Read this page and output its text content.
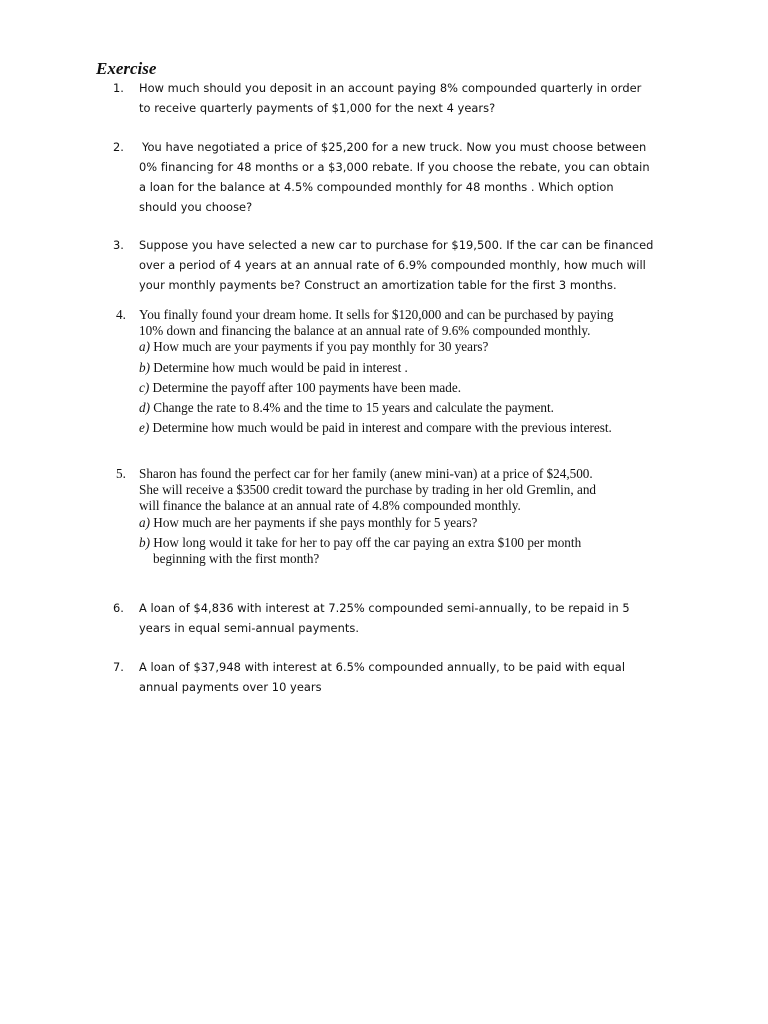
Exercise
1.	How much should you deposit in an account paying 8% compounded quarterly in order
to receive quarterly payments of $1,000 for the next 4 years?
2.	You have negotiated a price of $25,200 for a new truck. Now you must choose between
0% financing for 48 months or a $3,000 rebate. If you choose the rebate, you can obtain
a loan for the balance at 4.5% compounded monthly for 48 months . Which option
should you choose?
3.	Suppose you have selected a new car to purchase for $19,500. If the car can be financed
over a period of 4 years at an annual rate of 6.9% compounded monthly, how much will
your monthly payments be? Construct an amortization table for the first 3 months.
4. You finally found your dream home. It sells for $120,000 and can be purchased by paying
10% down and financing the balance at an annual rate of 9.6% compounded monthly.
a) How much are your payments if you pay monthly for 30 years?
b) Determine how much would be paid in interest .
c) Determine the payoff after 100 payments have been made.
d) Change the rate to 8.4% and the time to 15 years and calculate the payment.
e) Determine how much would be paid in interest and compare with the previous interest.
5. Sharon has found the perfect car for her family (anew mini-van) at a price of $24,500.
She will receive a $3500 credit toward the purchase by trading in her old Gremlin, and
will finance the balance at an annual rate of 4.8% compounded monthly.
a) How much are her payments if she pays monthly for 5 years?
b) How long would it take for her to pay off the car paying an extra $100 per month
beginning with the first month?
6.	A loan of $4,836 with interest at 7.25% compounded semi-annually, to be repaid in 5
years in equal semi-annual payments.
7.	A loan of $37,948 with interest at 6.5% compounded annually, to be paid with equal
annual payments over 10 years
